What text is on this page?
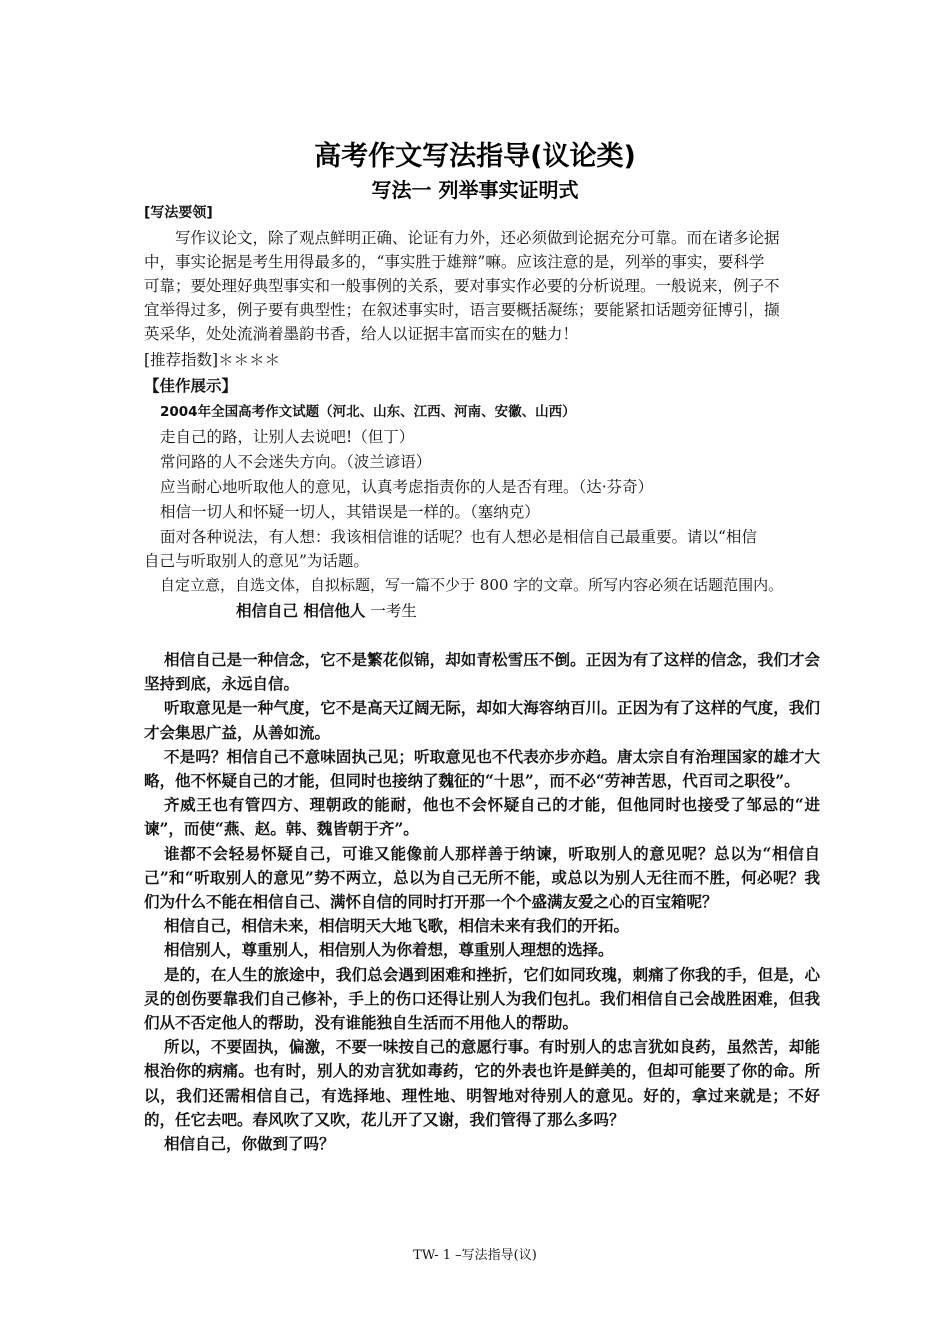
高考作文写法指导(议论类)
写法一 列举事实证明式
[写法要领]
写作议论文，除了观点鲜明正确、论证有力外，还必须做到论据充分可靠。而在诸多论据
中，事实论据是考生用得最多的，“事实胜于雄辩”嘛。应该注意的是，列举的事实，要科学
可靠；要处理好典型事实和一般事例的关系，要对事实作必要的分析说理。一般说来，例子不
宜举得过多，例子要有典型性；在叙述事实时，语言要概括凝练；要能紧扣话题旁征博引，撷
英采华，处处流淌着墨韵书香，给人以证据丰富而实在的魅力！
[推荐指数]＊＊＊＊
【佳作展示】
2004年全国高考作文试题（河北、山东、江西、河南、安徽、山西）
走自己的路，让别人去说吧!（但丁）
常问路的人不会迷失方向。（波兰谚语）
应当耐心地听取他人的意见，认真考虑指责你的人是否有理。（达·芬奇）
相信一切人和怀疑一切人，其错误是一样的。（塞纳克）
面对各种说法，有人想：我该相信谁的话呢？也有人想必是相信自己最重要。请以“相信
自己与听取别人的意见”为话题。
自定立意，自选文体，自拟标题，写一篇不少于 800 字的文章。所写内容必须在话题范围内。
相信自己 相信他人 一考生

相信自己是一种信念，它不是繁花似锦，却如青松雪压不倒。正因为有了这样的信念，我们才会坚持到底，永远自信。

听取意见是一种气度，它不是高天辽阔无际，却如大海容纳百川。正因为有了这样的气度，我们才会集思广益，从善如流。

不是吗？相信自己不意味固执己见；听取意见也不代表亦步亦趋。唐太宗自有治理国家的雄才大略，他不怀疑自己的才能，但同时也接纳了魏征的“十思”，而不必“劳神苦思，代百司之职役”。

齐威王也有管四方、理朝政的能耐，他也不会怀疑自己的才能，但他同时也接受了邹忌的“进谏”，而使“燕、赵。韩、魏皆朝于齐”。

谁都不会轻易怀疑自己，可谁又能像前人那样善于纳谏，听取别人的意见呢？总以为“相信自己”和“听取别人的意见”势不两立，总以为自己无所不能，或总以为别人无往而不胜，何必呢？我们为什么不能在相信自己、满怀自信的同时打开那一个个盛满友爱之心的百宝箱呢？

相信自己，相信未来，相信明天大地飞歌，相信未来有我们的开拓。

相信别人，尊重别人，相信别人为你着想，尊重别人理想的选择。

是的，在人生的旅途中，我们总会遇到困难和挫折，它们如同玫瑰，刺痛了你我的手，但是，心灵的创伤要靠我们自己修补，手上的伤口还得让别人为我们包扎。我们相信自己会战胜困难，但我们从不否定他人的帮助，没有谁能独自生活而不用他人的帮助。

所以，不要固执，偏激，不要一味按自己的意愿行事。有时别人的忠言犹如良药，虽然苦，却能根治你的病痛。也有时，别人的劝言犹如毒药，它的外表也许是鲜美的，但却可能要了你的命。所以，我们还需相信自己，有选择地、理性地、明智地对待别人的意见。好的，拿过来就是；不好的，任它去吧。春风吹了又吹，花儿开了又谢，我们管得了那么多吗？

相信自己，你做到了吗？

TW- 1 –写法指导(议)
